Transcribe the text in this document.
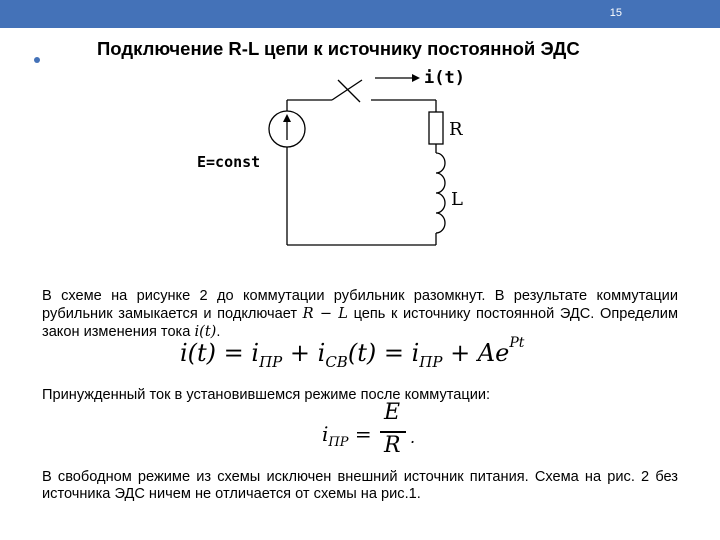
15
Подключение R-L цепи к источнику постоянной ЭДС
i(t)
R
L
E=const
В схеме на рисунке 2 до коммутации рубильник разомкнут. В результате коммутации рубильник замыкается и подключает R − L цепь к источнику постоянной ЭДС. Определим закон изменения тока i(t).
$i(t) = i_{ПР} + i_{СВ}(t) = i_{ПР} + Ae^{Pt}$
Принужденный ток в установившемся режиме после коммутации:
$i_{ПР}$ =
E
R .
В свободном режиме из схемы исключен внешний источник питания. Схема на рис. 2 без источника ЭДС ничем не отличается от схемы на рис.1.
